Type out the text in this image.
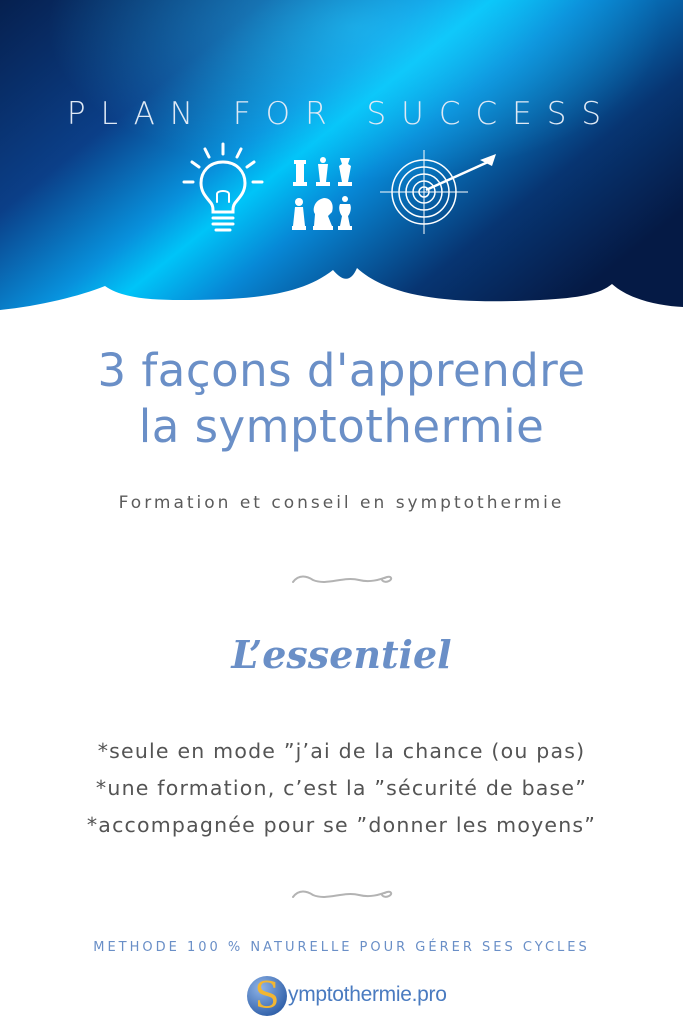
PLAN FOR SUCCESS
3 façons d'apprendre
la symptothermie
Formation et conseil en symptothermie
L’essentiel
*seule en mode ”j’ai de la chance (ou pas)
*une formation, c’est la ”sécurité de base”
*accompagnée pour se ”donner les moyens”
METHODE 100 % NATURELLE POUR GÉRER SES CYCLES
S ymptothermie.pro
